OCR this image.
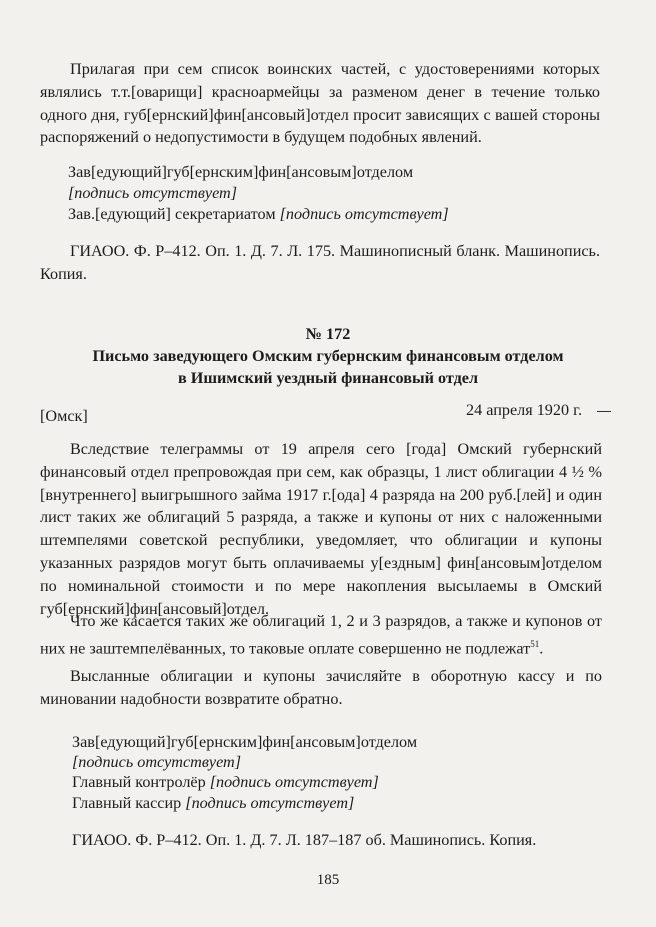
Прилагая при сем список воинских частей, с удостоверениями которых являлись т.т.[оварищи] красноармейцы за разменом денег в течение только одного дня, губ[ернский]фин[ансовый]отдел просит зависящих с вашей стороны распоряжений о недопустимости в будущем подобных явлений.

Зав[едующий]губ[ернским]фин[ансовым]отделом

[подпись отсутствует]

Зав.[едующий] секретариатом [подпись отсутствует]

ГИАОО. Ф. Р–412. Оп. 1. Д. 7. Л. 175. Машинописный бланк. Машинопись. Копия.

№ 172

Письмо заведующего Омским губернским финансовым отделом

в Ишимский уездный финансовый отдел

[Омск]	24 апреля 1920 г.

Вследствие телеграммы от 19 апреля сего [года] Омский губернский финансовый отдел препровождая при сем, как образцы, 1 лист облигации 4 ½ % [внутреннего] выигрышного займа 1917 г.[ода] 4 разряда на 200 руб.[лей] и один лист таких же облигаций 5 разряда, а также и купоны от них с наложенными штемпелями советской республики, уведомляет, что облигации и купоны указанных разрядов могут быть оплачиваемы у[ездным] фин[ансовым]отделом по номинальной стоимости и по мере накопления высылаемы в Омский губ[ернский]фин[ансовый]отдел.

Что же касается таких же облигаций 1, 2 и 3 разрядов, а также и купонов от них не заштемпелёванных, то таковые оплате совершенно не подлежат$^{51}$.

Высланные облигации и купоны зачисляйте в оборотную кассу и по миновании надобности возвратите обратно.

Зав[едующий]губ[ернским]фин[ансовым]отделом

[подпись отсутствует]

Главный контролёр [подпись отсутствует]

Главный кассир [подпись отсутствует]

ГИАОО. Ф. Р–412. Оп. 1. Д. 7. Л. 187–187 об. Машинопись. Копия.

185
